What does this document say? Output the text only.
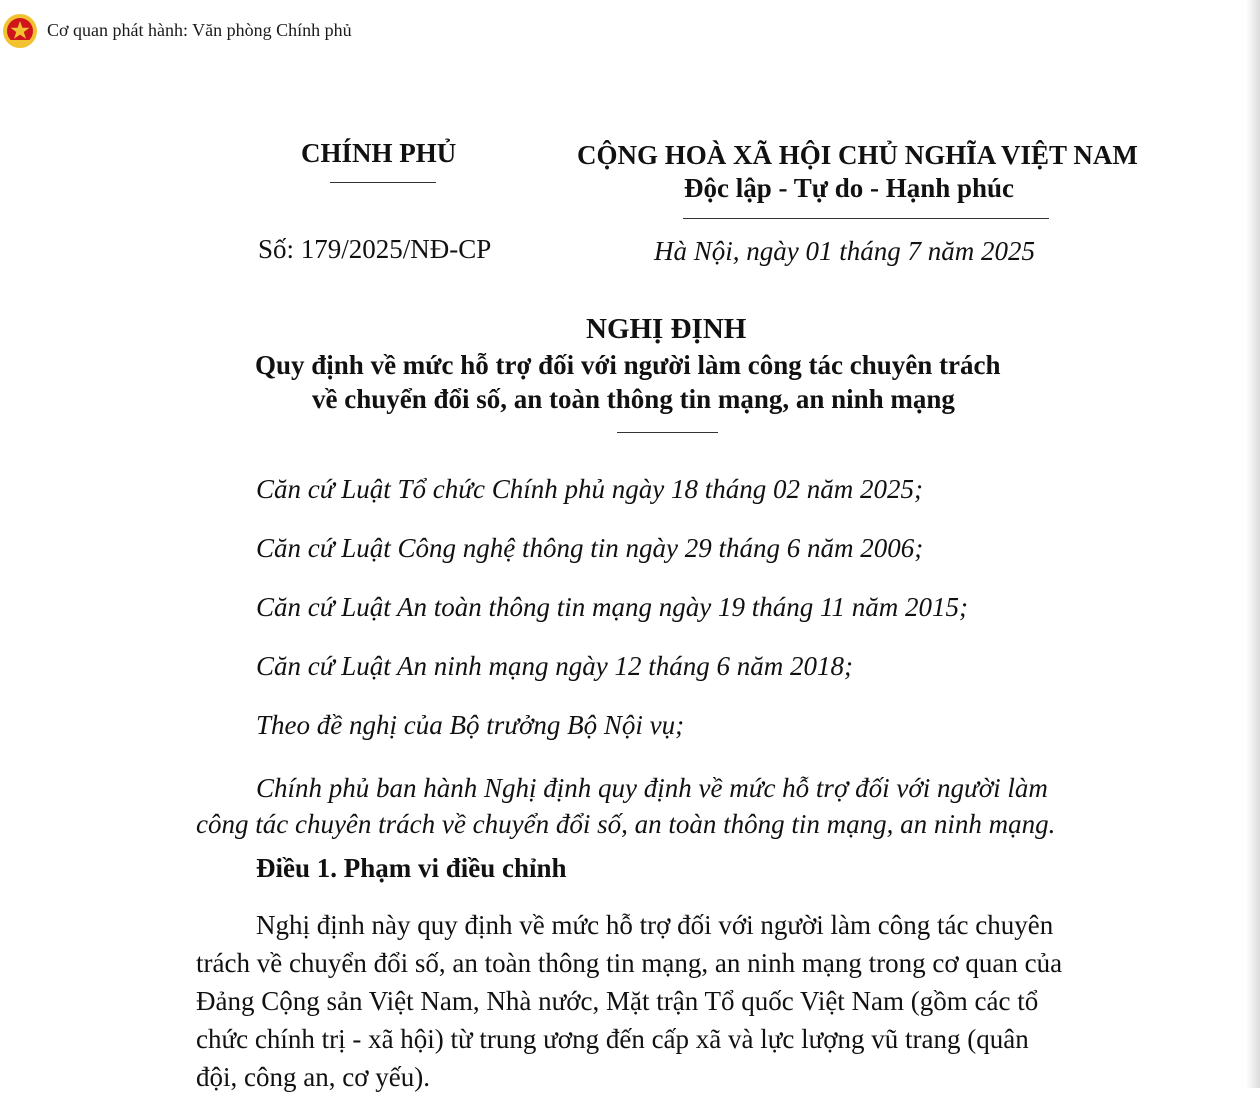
Cơ quan phát hành: Văn phòng Chính phủ
CHÍNH PHỦ	CỘNG HOÀ XÃ HỘI CHỦ NGHĨA VIỆT NAM
Độc lập - Tự do - Hạnh phúc
Số: 179/2025/NĐ-CP	Hà Nội, ngày 01 tháng 7 năm 2025
NGHỊ ĐỊNH
Quy định về mức hỗ trợ đối với người làm công tác chuyên trách
về chuyển đổi số, an toàn thông tin mạng, an ninh mạng
Căn cứ Luật Tổ chức Chính phủ ngày 18 tháng 02 năm 2025;
Căn cứ Luật Công nghệ thông tin ngày 29 tháng 6 năm 2006;
Căn cứ Luật An toàn thông tin mạng ngày 19 tháng 11 năm 2015;
Căn cứ Luật An ninh mạng ngày 12 tháng 6 năm 2018;
Theo đề nghị của Bộ trưởng Bộ Nội vụ;
Chính phủ ban hành Nghị định quy định về mức hỗ trợ đối với người làm
công tác chuyên trách về chuyển đổi số, an toàn thông tin mạng, an ninh mạng.
Điều 1. Phạm vi điều chỉnh
Nghị định này quy định về mức hỗ trợ đối với người làm công tác chuyên
trách về chuyển đổi số, an toàn thông tin mạng, an ninh mạng trong cơ quan của
Đảng Cộng sản Việt Nam, Nhà nước, Mặt trận Tổ quốc Việt Nam (gồm các tổ
chức chính trị - xã hội) từ trung ương đến cấp xã và lực lượng vũ trang (quân
đội, công an, cơ yếu).
